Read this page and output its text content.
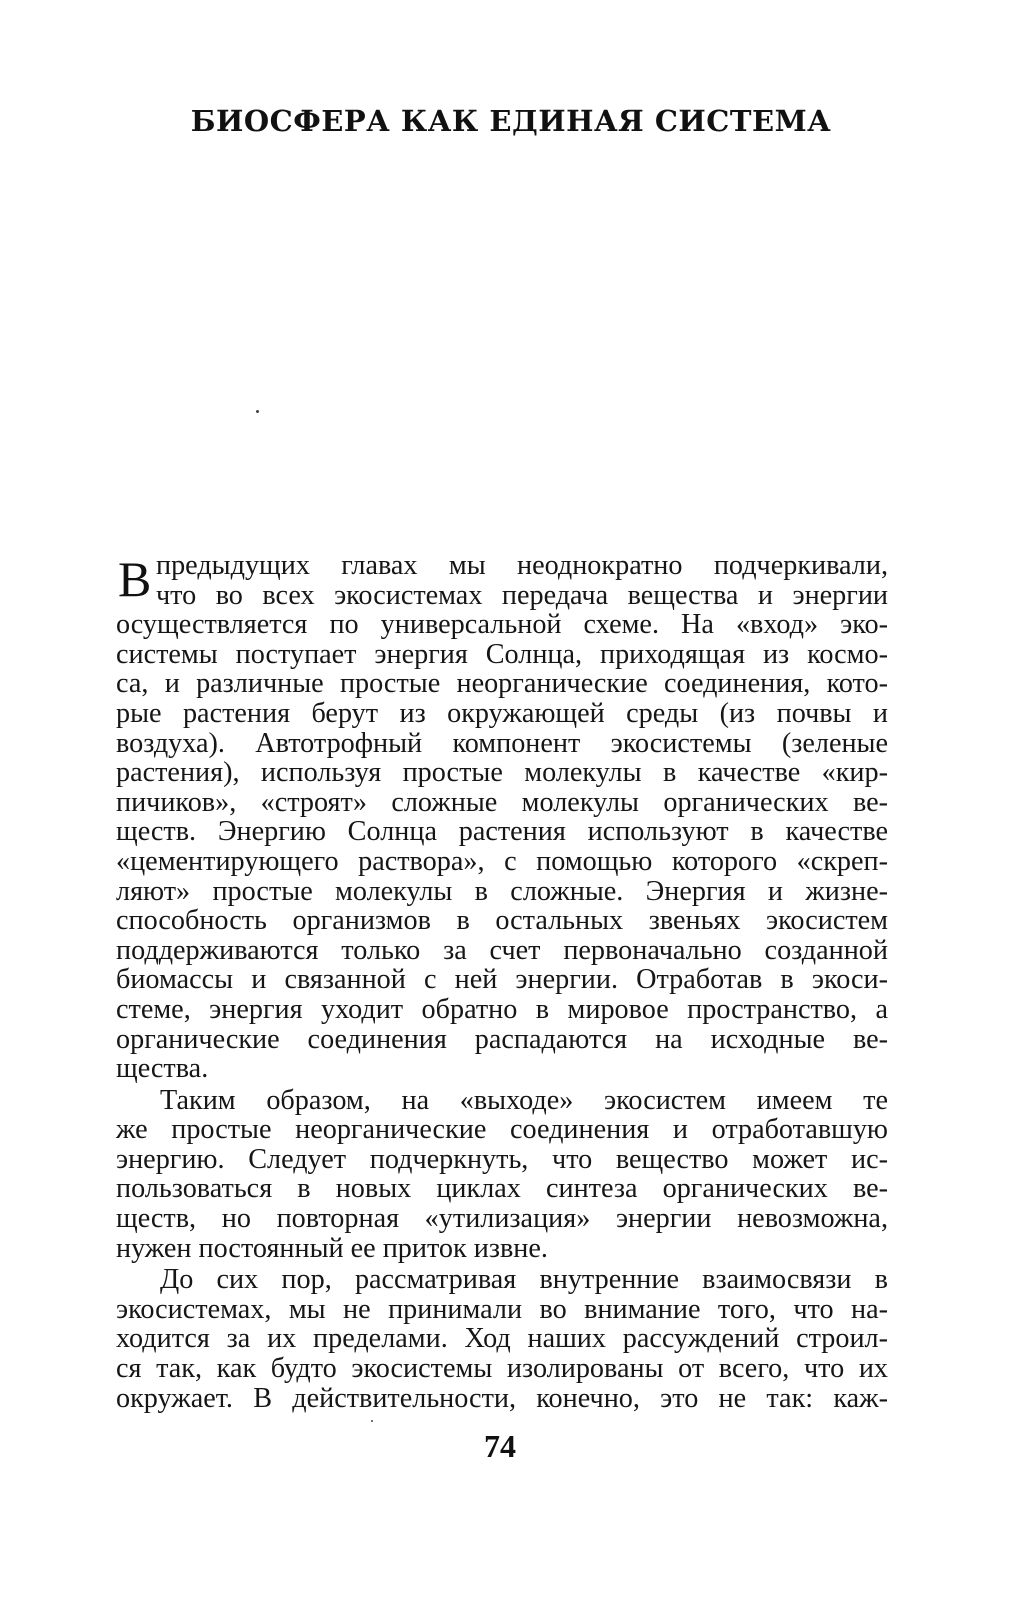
БИОСФЕРА КАК ЕДИНАЯ СИСТЕМА
В предыдущих главах мы неоднократно подчеркивали,
что во всех экосистемах передача вещества и энергии
осуществляется по универсальной схеме. На «вход» эко-
системы поступает энергия Солнца, приходящая из космо-
са, и различные простые неорганические соединения, кото-
рые растения берут из окружающей среды (из почвы и
воздуха). Автотрофный компонент экосистемы (зеленые
растения), используя простые молекулы в качестве «кир-
пичиков», «строят» сложные молекулы органических ве-
ществ. Энергию Солнца растения используют в качестве
«цементирующего раствора», с помощью которого «скреп-
ляют» простые молекулы в сложные. Энергия и жизне-
способность организмов в остальных звеньях экосистем
поддерживаются только за счет первоначально созданной
биомассы и связанной с ней энергии. Отработав в экоси-
стеме, энергия уходит обратно в мировое пространство, а
органические соединения распадаются на исходные ве-
щества.
Таким образом, на «выходе» экосистем имеем те
же простые неорганические соединения и отработавшую
энергию. Следует подчеркнуть, что вещество может ис-
пользоваться в новых циклах синтеза органических ве-
ществ, но повторная «утилизация» энергии невозможна,
нужен постоянный ее приток извне.
До сих пор, рассматривая внутренние взаимосвязи в
экосистемах, мы не принимали во внимание того, что на-
ходится за их пределами. Ход наших рассуждений строил-
ся так, как будто экосистемы изолированы от всего, что их
окружает. В действительности, конечно, это не так: каж-
74
